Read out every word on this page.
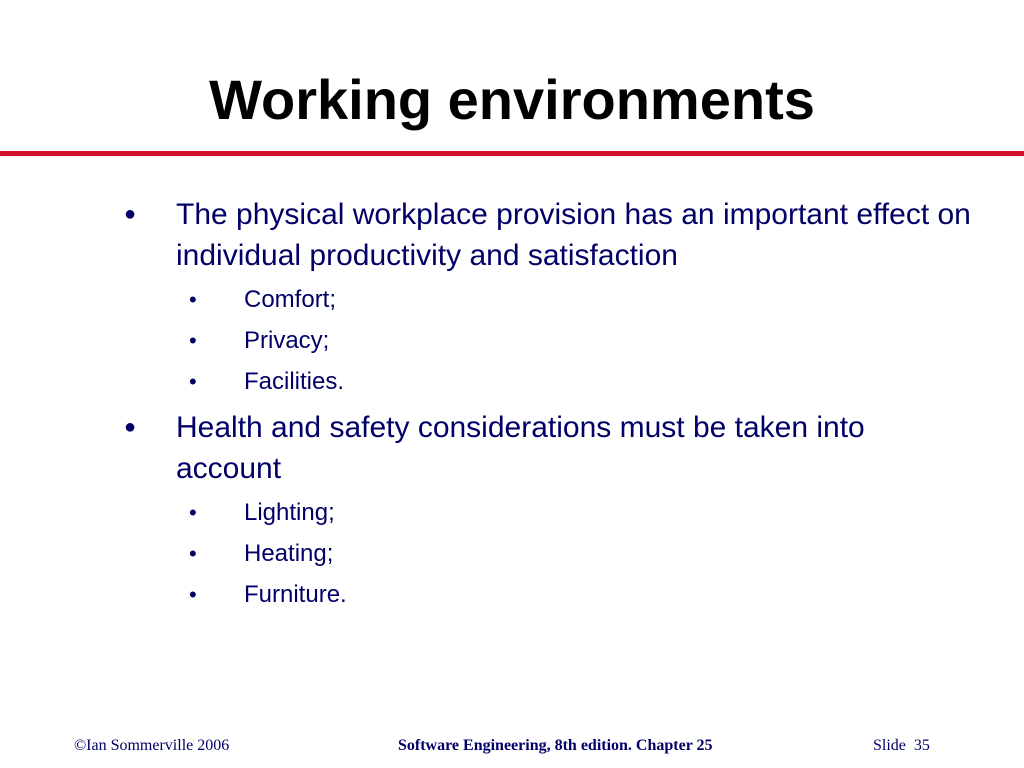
Working environments
● The physical workplace provision has an important effect on individual productivity and satisfaction
• Comfort;
• Privacy;
• Facilities.
● Health and safety considerations must be taken into account
• Lighting;
• Heating;
• Furniture.
©Ian Sommerville 2006	Software Engineering, 8th edition. Chapter 25	Slide  35
